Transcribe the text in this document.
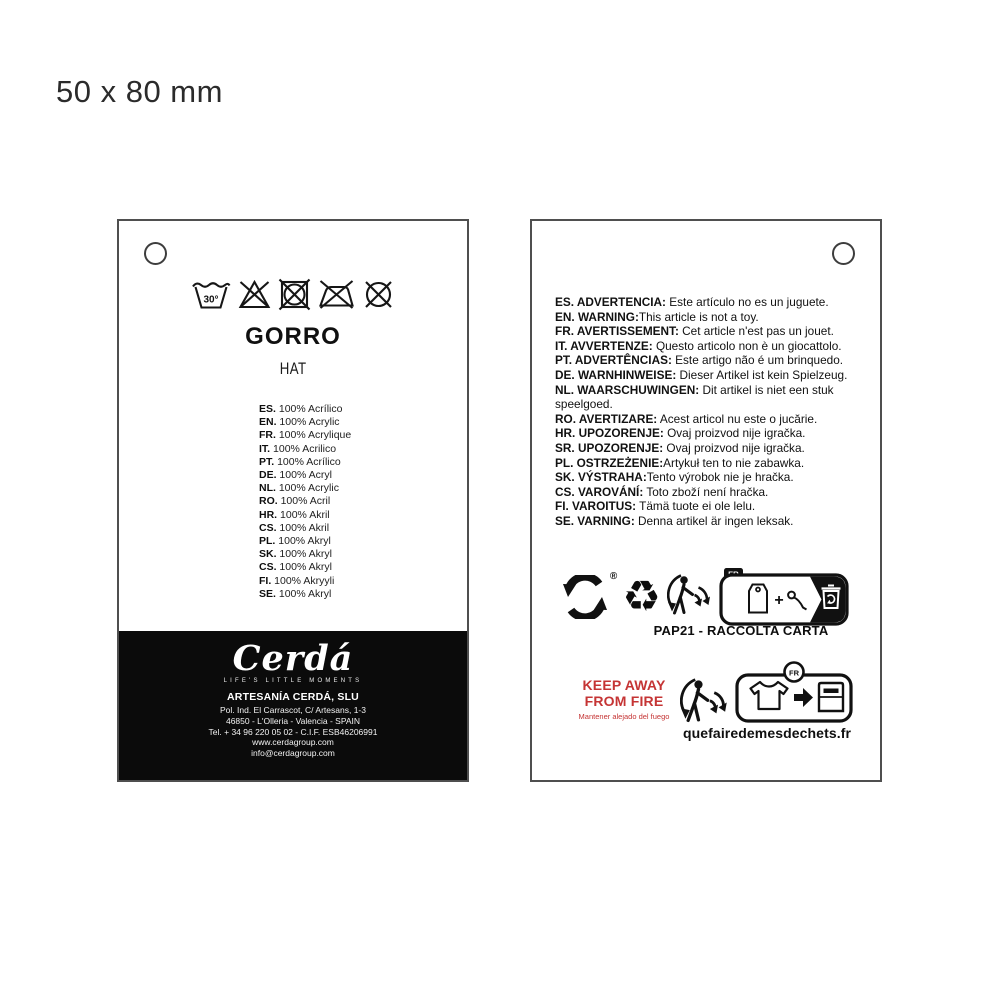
50 x 80 mm
30°
GORRO
HAT
ES. 100% Acrílico
EN. 100% Acrylic
FR. 100% Acrylique
IT. 100% Acrilico
PT. 100% Acrílico
DE. 100% Acryl
NL. 100% Acrylic
RO. 100% Acril
HR. 100% Akril
CS. 100% Akril
PL. 100% Akryl
SK. 100% Akryl
CS. 100% Akryl
FI. 100% Akryyli
SE. 100% Akryl
Cerdá
LIFE'S LITTLE MOMENTS
ARTESANÍA CERDÁ, SLU
Pol. Ind. El Carrascot, C/ Artesans, 1-3
46850 - L'Olleria - Valencia - SPAIN
Tel. + 34 96 220 05 02 - C.I.F. ESB46206991
www.cerdagroup.com
info@cerdagroup.com
ES. ADVERTENCIA: Este artículo no es un juguete.
EN. WARNING:This article is not a toy.
FR. AVERTISSEMENT: Cet article n'est pas un jouet.
IT. AVVERTENZE: Questo articolo non è un giocattolo.
PT. ADVERTÊNCIAS: Este artigo não é um brinquedo.
DE. WARNHINWEISE: Dieser Artikel ist kein Spielzeug.
NL. WAARSCHUWINGEN: Dit artikel is niet een stuk speelgoed.
RO. AVERTIZARE: Acest articol nu este o jucărie.
HR. UPOZORENJE: Ovaj proizvod nije igračka.
SR. UPOZORENJE: Ovaj proizvod nije igračka.
PL. OSTRZEŻENIE:Artykuł ten to nie zabawka.
SK. VÝSTRAHA:Tento výrobok nie je hračka.
CS. VAROVÁNÍ: Toto zboží není hračka.
FI. VAROITUS: Tämä tuote ei ole lelu.
SE. VARNING: Denna artikel är ingen leksak.
® ♻	+
PAP21 - RACCOLTA CARTA
KEEP AWAY
FROM FIRE
Mantener alejado del fuego
FR
quefairedemesdechets.fr
